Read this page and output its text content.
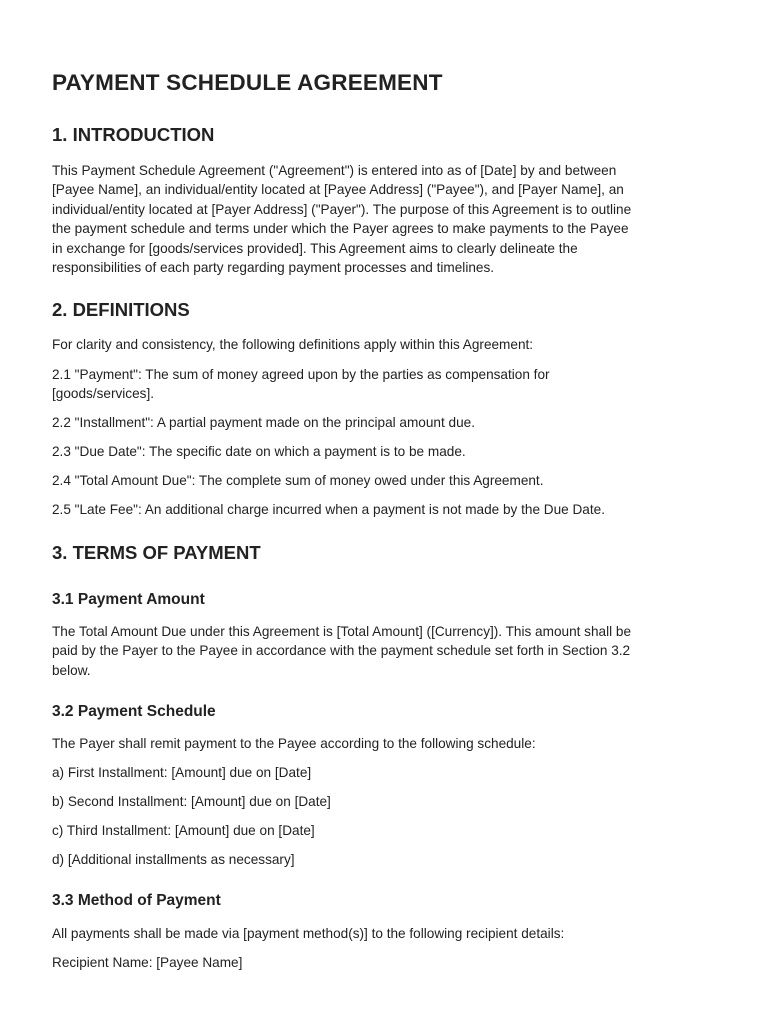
PAYMENT SCHEDULE AGREEMENT
1. INTRODUCTION
This Payment Schedule Agreement ("Agreement") is entered into as of [Date] by and between
[Payee Name], an individual/entity located at [Payee Address] ("Payee"), and [Payer Name], an
individual/entity located at [Payer Address] ("Payer"). The purpose of this Agreement is to outline
the payment schedule and terms under which the Payer agrees to make payments to the Payee
in exchange for [goods/services provided]. This Agreement aims to clearly delineate the
responsibilities of each party regarding payment processes and timelines.
2. DEFINITIONS

For clarity and consistency, the following definitions apply within this Agreement:

2.1 "Payment": The sum of money agreed upon by the parties as compensation for
[goods/services].

2.2 "Installment": A partial payment made on the principal amount due.

2.3 "Due Date": The specific date on which a payment is to be made.

2.4 "Total Amount Due": The complete sum of money owed under this Agreement.

2.5 "Late Fee": An additional charge incurred when a payment is not made by the Due Date.

3. TERMS OF PAYMENT
3.1 Payment Amount
The Total Amount Due under this Agreement is [Total Amount] ([Currency]). This amount shall be
paid by the Payer to the Payee in accordance with the payment schedule set forth in Section 3.2
below.
3.2 Payment Schedule

The Payer shall remit payment to the Payee according to the following schedule:

a) First Installment: [Amount] due on [Date]

b) Second Installment: [Amount] due on [Date]

c) Third Installment: [Amount] due on [Date]

d) [Additional installments as necessary]

3.3 Method of Payment

All payments shall be made via [payment method(s)] to the following recipient details:

Recipient Name: [Payee Name]
